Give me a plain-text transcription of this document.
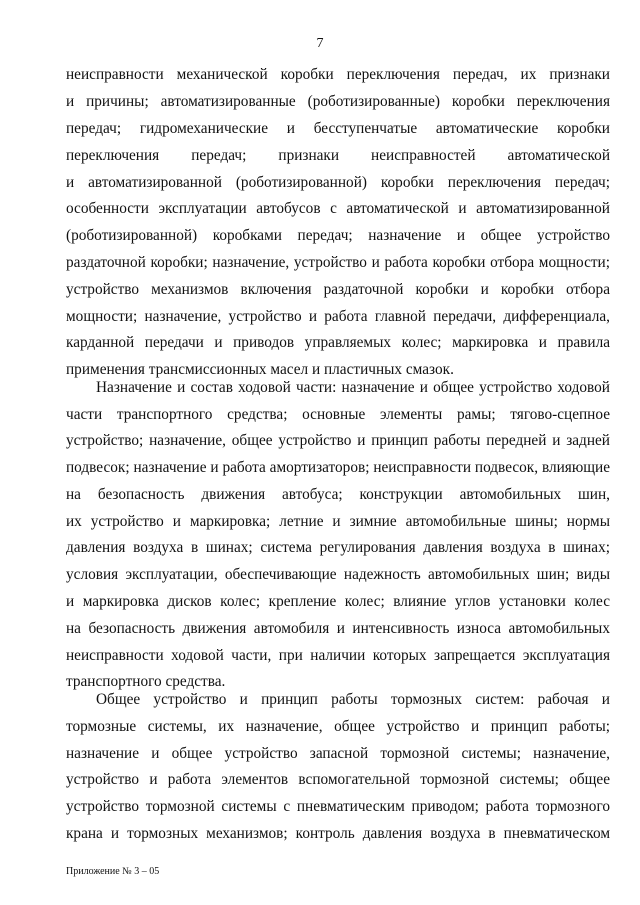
7
неисправности механической коробки переключения передач, их признаки
и причины; автоматизированные (роботизированные) коробки переключения
передач; гидромеханические и бесступенчатые автоматические коробки
переключения передач; признаки неисправностей автоматической
и автоматизированной (роботизированной) коробки переключения передач;
особенности эксплуатации автобусов с автоматической и автоматизированной
(роботизированной) коробками передач; назначение и общее устройство
раздаточной коробки; назначение, устройство и работа коробки отбора мощности;
устройство механизмов включения раздаточной коробки и коробки отбора
мощности; назначение, устройство и работа главной передачи, дифференциала,
карданной передачи и приводов управляемых колес; маркировка и правила
применения трансмиссионных масел и пластичных смазок.
Назначение и состав ходовой части: назначение и общее устройство ходовой
части транспортного средства; основные элементы рамы; тягово-сцепное
устройство; назначение, общее устройство и принцип работы передней и задней
подвесок; назначение и работа амортизаторов; неисправности подвесок, влияющие
на безопасность движения автобуса; конструкции автомобильных шин,
их устройство и маркировка; летние и зимние автомобильные шины; нормы
давления воздуха в шинах; система регулирования давления воздуха в шинах;
условия эксплуатации, обеспечивающие надежность автомобильных шин; виды
и маркировка дисков колес; крепление колес; влияние углов установки колес
на безопасность движения автомобиля и интенсивность износа автомобильных
неисправности ходовой части, при наличии которых запрещается эксплуатация
транспортного средства.
Общее устройство и принцип работы тормозных систем: рабочая и
тормозные системы, их назначение, общее устройство и принцип работы;
назначение и общее устройство запасной тормозной системы; назначение,
устройство и работа элементов вспомогательной тормозной системы; общее
устройство тормозной системы с пневматическим приводом; работа тормозного
крана и тормозных механизмов; контроль давления воздуха в пневматическом
Приложение № 3 – 05
